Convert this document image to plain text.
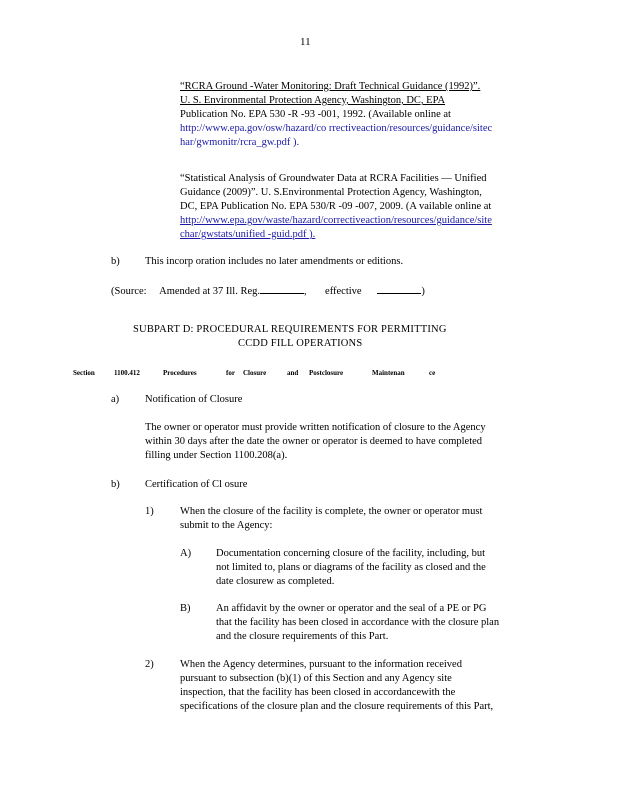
11
“RCRA Ground -Water Monitoring: Draft Technical Guidance (1992)”.
U. S. Environmental Protection Agency, Washington, DC, EPA
Publication No. EPA 530 -R -93 -001, 1992. (Available online at
http://www.epa.gov/osw/hazard/co rrectiveaction/resources/guidance/sitec
har/gwmonitr/rcra_gw.pdf ).
“Statistical Analysis of Groundwater Data at RCRA Facilities — Unified
Guidance (2009)”. U. S.Environmental Protection Agency, Washington,
DC, EPA Publication No. EPA 530/R -09 -007, 2009. (A vailable online at
http://www.epa.gov/waste/hazard/correctiveaction/resources/guidance/site
char/gwstats/unified -guid.pdf ).
b) This incorp oration includes no later amendments or editions.
(Source: Amended at 37 Ill. Reg.	,       effective	)
SUBPART D: PROCEDURAL REQUIREMENTS FOR PERMITTING
CCDD FILL OPERATIONS
Section	1100.412	Procedures	for Closure	and Postclosure	Maintenan	ce
a) Notification of Closure
The owner or operator must provide written notification of closure to the Agency
within 30 days after the date the owner or operator is deemed to have completed
filling under Section 1100.208(a).
b) Certification of Cl osure
1)	When the closure of the facility is complete, the owner or operator must
submit to the Agency:
A) Documentation concerning closure of the facility, including, but
not limited to, plans or diagrams of the facility as closed and the
date closurew as completed.
B) An affidavit by the owner or operator and the seal of a PE or PG
that the facility has been closed in accordance with the closure plan
and the closure requirements of this Part.
2)	When the Agency determines, pursuant to the information received
pursuant to subsection (b)(1) of this Section and any Agency site
inspection, that the facility has been closed in accordancewith the
specifications of the closure plan and the closure requirements of this Part,
